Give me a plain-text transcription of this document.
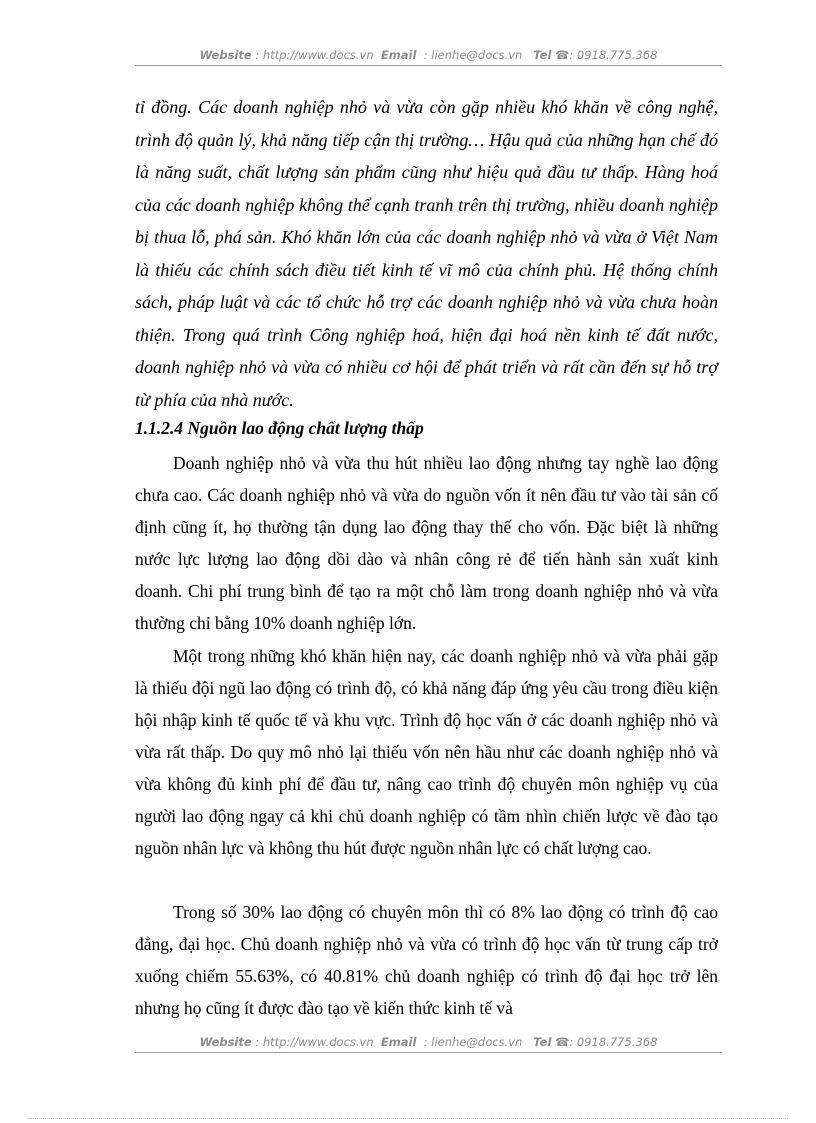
Website : http://www.docs.vn Email : lienhe@docs.vn Tel ☎: 0918.775.368

tỉ đồng. Các doanh nghiệp nhỏ và vừa còn gặp nhiều khó khăn về công nghệ, trình độ quản lý, khả năng tiếp cận thị trường… Hậu quả của những hạn chế đó là năng suất, chất lượng sản phẩm cũng như hiệu quả đầu tư thấp. Hàng hoá của các doanh nghiệp không thể cạnh tranh trên thị trường, nhiều doanh nghiệp bị thua lỗ, phá sản. Khó khăn lớn của các doanh nghiệp nhỏ và vừa ở Việt Nam là thiếu các chính sách điều tiết kinh tế vĩ mô của chính phủ. Hệ thống chính sách, pháp luật và các tổ chức hỗ trợ các doanh nghiệp nhỏ và vừa chưa hoàn thiện. Trong quá trình Công nghiệp hoá, hiện đại hoá nền kinh tế đất nước, doanh nghiệp nhỏ và vừa có nhiều cơ hội để phát triển và rất cần đến sự hỗ trợ từ phía của nhà nước.

1.1.2.4 Nguồn lao động chất lượng thấp

Doanh nghiệp nhỏ và vừa thu hút nhiều lao động nhưng tay nghề lao động chưa cao. Các doanh nghiệp nhỏ và vừa do nguồn vốn ít nên đầu tư vào tài sản cố định cũng ít, họ thường tận dụng lao động thay thế cho vốn. Đặc biệt là những nước lực lượng lao động dồi dào và nhân công rẻ để tiến hành sản xuất kinh doanh. Chi phí trung bình để tạo ra một chỗ làm trong doanh nghiệp nhỏ và vừa thường chỉ bằng 10% doanh nghiệp lớn.

Một trong những khó khăn hiện nay, các doanh nghiệp nhỏ và vừa phải gặp là thiếu đội ngũ lao động có trình độ, có khả năng đáp ứng yêu cầu trong điều kiện hội nhập kinh tế quốc tế và khu vực. Trình độ học vấn ở các doanh nghiệp nhỏ và vừa rất thấp. Do quy mô nhỏ lại thiếu vốn nên hầu như các doanh nghiệp nhỏ và vừa không đủ kinh phí để đầu tư, nâng cao trình độ chuyên môn nghiệp vụ của người lao động ngay cả khi chủ doanh nghiệp có tầm nhìn chiến lược về đào tạo nguồn nhân lực và không thu hút được nguồn nhân lực có chất lượng cao.

Trong số 30% lao động có chuyên môn thì có 8% lao động có trình độ cao đẳng, đại học. Chủ doanh nghiệp nhỏ và vừa có trình độ học vấn từ trung cấp trở xuống chiếm 55.63%, có 40.81% chủ doanh nghiệp có trình độ đại học trở lên nhưng họ cũng ít được đào tạo về kiến thức kinh tế và

Website : http://www.docs.vn Email : lienhe@docs.vn Tel ☎: 0918.775.368
